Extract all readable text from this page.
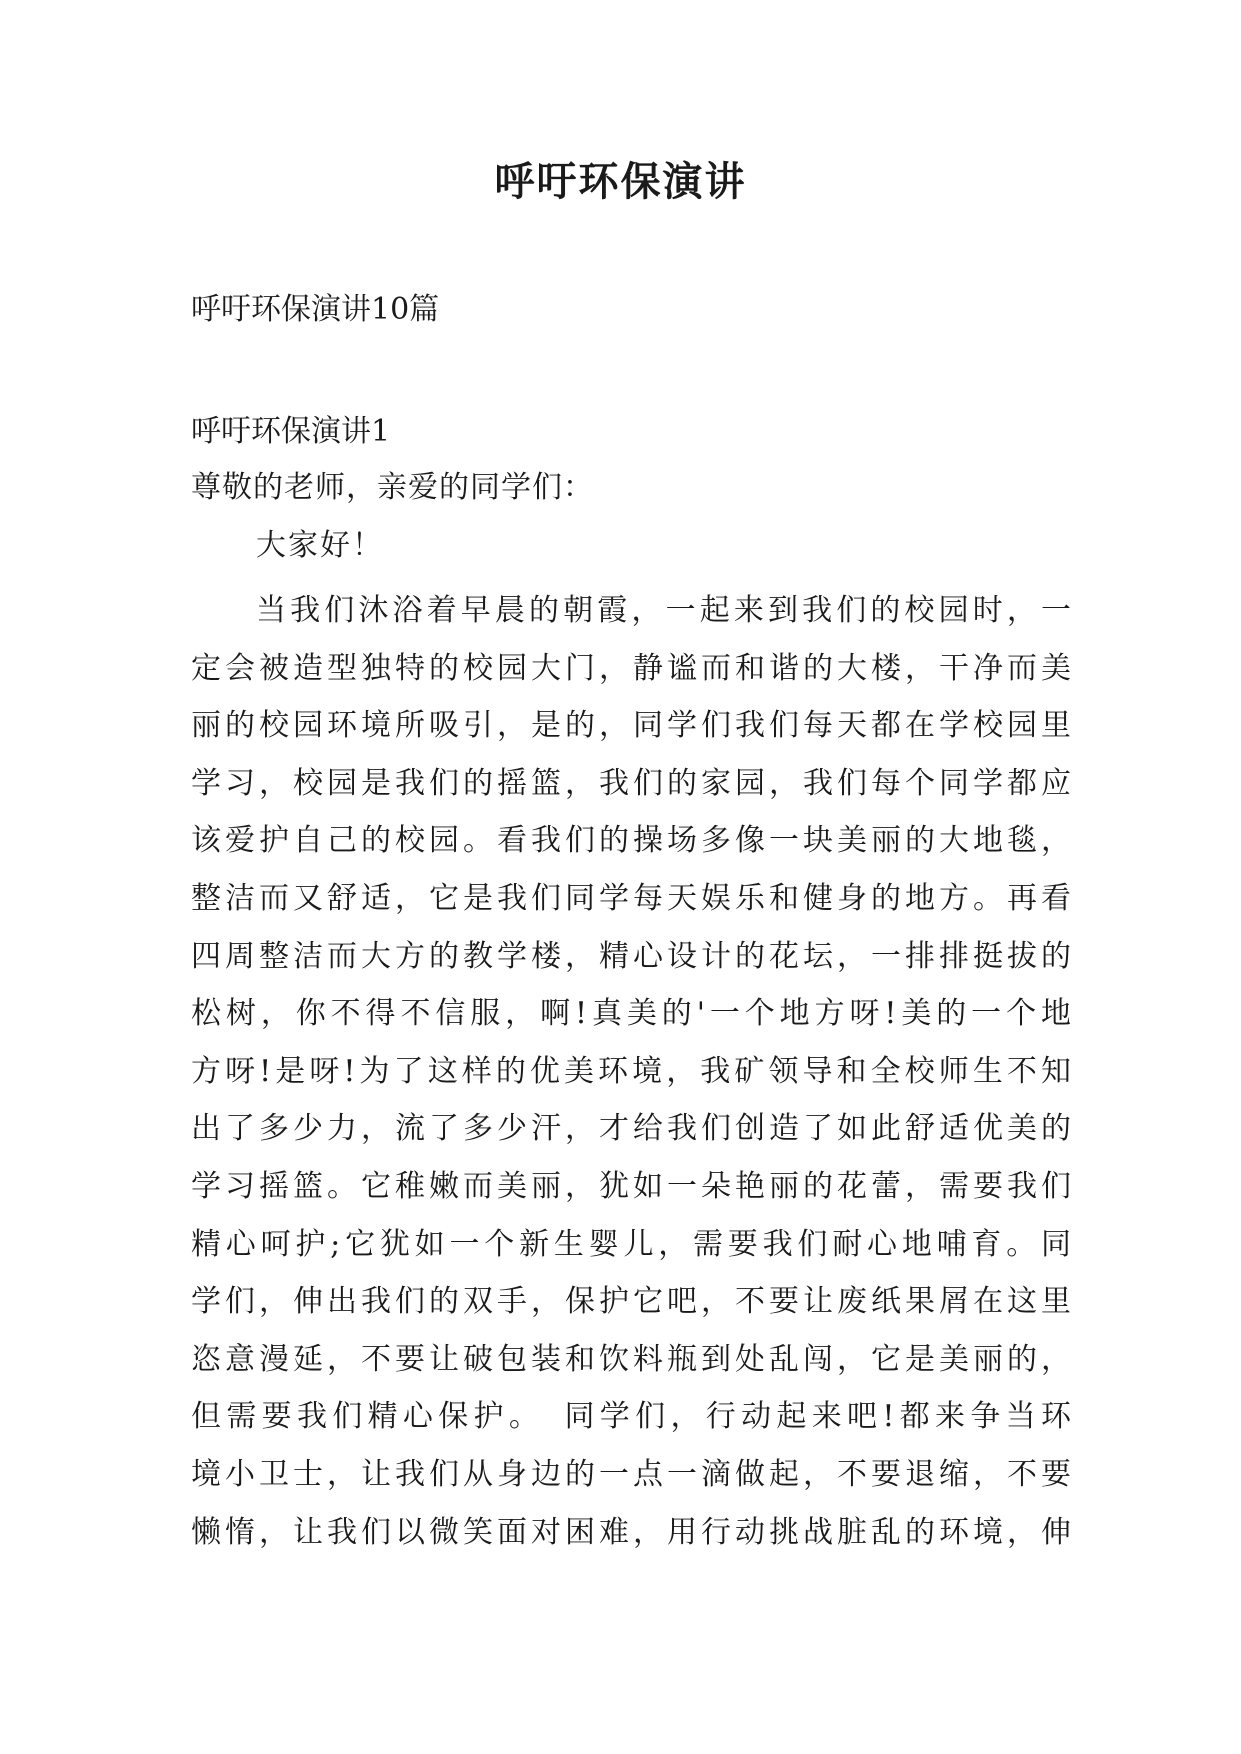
呼吁环保演讲
呼吁环保演讲10篇
呼吁环保演讲1
尊敬的老师，亲爱的同学们：
大家好！
当我们沐浴着早晨的朝霞，一起来到我们的校园时，一
定会被造型独特的校园大门，静谧而和谐的大楼，干净而美
丽的校园环境所吸引，是的，同学们我们每天都在学校园里
学习，校园是我们的摇篮，我们的家园，我们每个同学都应
该爱护自己的校园。看我们的操场多像一块美丽的大地毯，
整洁而又舒适，它是我们同学每天娱乐和健身的地方。再看
四周整洁而大方的教学楼，精心设计的花坛，一排排挺拔的
松树，你不得不信服，啊!真美的'一个地方呀!美的一个地
方呀!是呀!为了这样的优美环境，我矿领导和全校师生不知
出了多少力，流了多少汗，才给我们创造了如此舒适优美的
学习摇篮。它稚嫩而美丽，犹如一朵艳丽的花蕾，需要我们
精心呵护;它犹如一个新生婴儿，需要我们耐心地哺育。同
学们，伸出我们的双手，保护它吧，不要让废纸果屑在这里
恣意漫延，不要让破包装和饮料瓶到处乱闯，它是美丽的，
但需要我们精心保护。　同学们，行动起来吧!都来争当环
境小卫士，让我们从身边的一点一滴做起，不要退缩，不要
懒惰，让我们以微笑面对困难，用行动挑战脏乱的环境，伸
